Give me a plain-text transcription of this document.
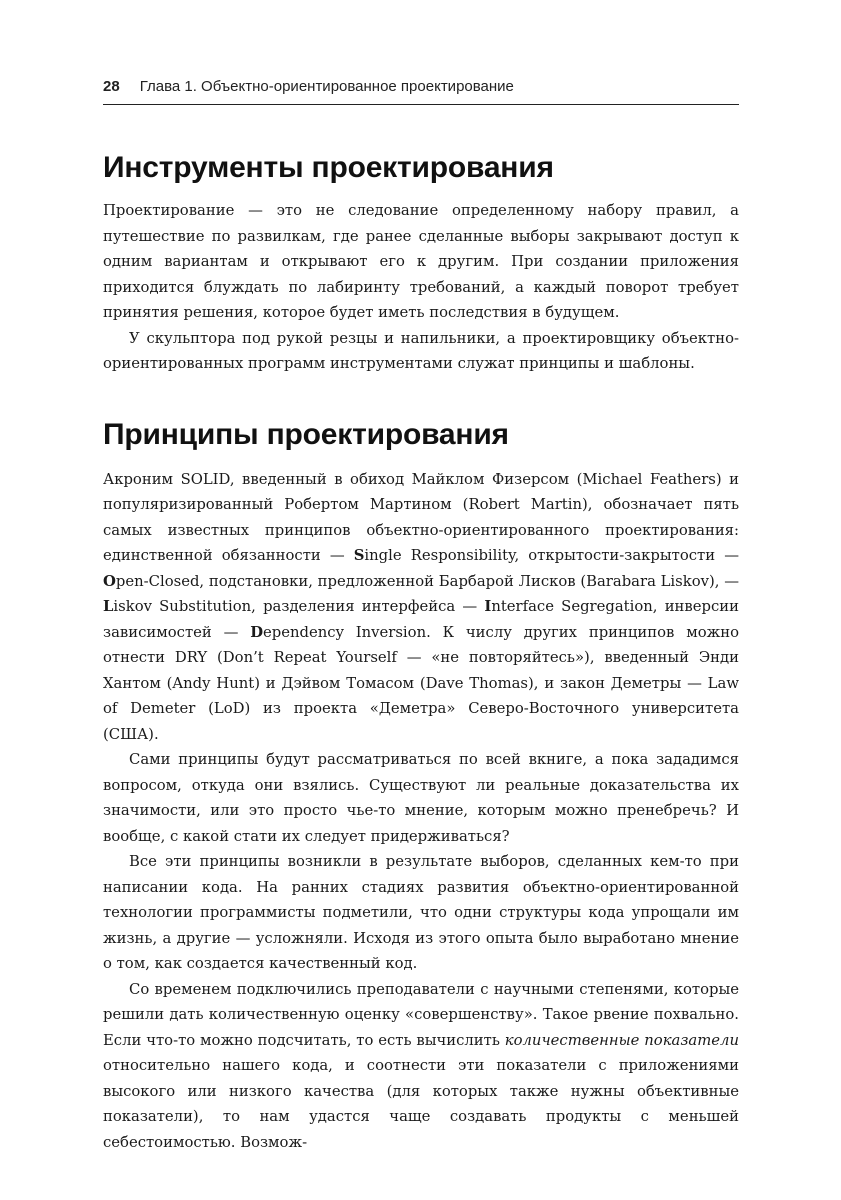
28 Глава 1. Объектно-ориентированное проектирование
Инструменты проектирования

Проектирование — это не следование определенному набору правил, а путешествие по развилкам, где ранее сделанные выборы закрывают доступ к одним вариантам и открывают его к другим. При создании приложения приходится блуждать по лабиринту требований, а каждый поворот требует принятия решения, которое будет иметь последствия в будущем.

У скульптора под рукой резцы и напильники, а проектировщику объектно-ориентированных программ инструментами служат принципы и шаблоны.

Принципы проектирования

Акроним SOLID, введенный в обиход Майклом Физерсом (Michael Feathers) и популяризированный Робертом Мартином (Robert Martin), обозначает пять самых известных принципов объектно-ориентированного проектирования: единственной обязанности — Single Responsibility, открытости-закрытости — Open-Closed, подстановки, предложенной Барбарой Лисков (Barabara Liskov), — Liskov Substitution, разделения интерфейса — Interface Segregation, инверсии зависимостей — Dependency Inversion. К числу других принципов можно отнести DRY (Don’t Repeat Yourself — «не повторяйтесь»), введенный Энди Хантом (Andy Hunt) и Дэйвом Томасом (Dave Thomas), и закон Деметры — Law of Demeter (LoD) из проекта «Деметра» Северо-Восточного университета (США).

Сами принципы будут рассматриваться по всей вкниге, а пока зададимся вопросом, откуда они взялись. Существуют ли реальные доказательства их значимости, или это просто чье-то мнение, которым можно пренебречь? И вообще, с какой стати их следует придерживаться?

Все эти принципы возникли в результате выборов, сделанных кем-то при написании кода. На ранних стадиях развития объектно-ориентированной технологии программисты подметили, что одни структуры кода упрощали им жизнь, а другие — усложняли. Исходя из этого опыта было выработано мнение о том, как создается качественный код.

Со временем подключились преподаватели с научными степенями, которые решили дать количественную оценку «совершенству». Такое рвение похвально. Если что-то можно подсчитать, то есть вычислить количественные показатели относительно нашего кода, и соотнести эти показатели с приложениями высокого или низкого качества (для которых также нужны объективные показатели), то нам удастся чаще создавать продукты с меньшей себестоимостью. Возмож-
